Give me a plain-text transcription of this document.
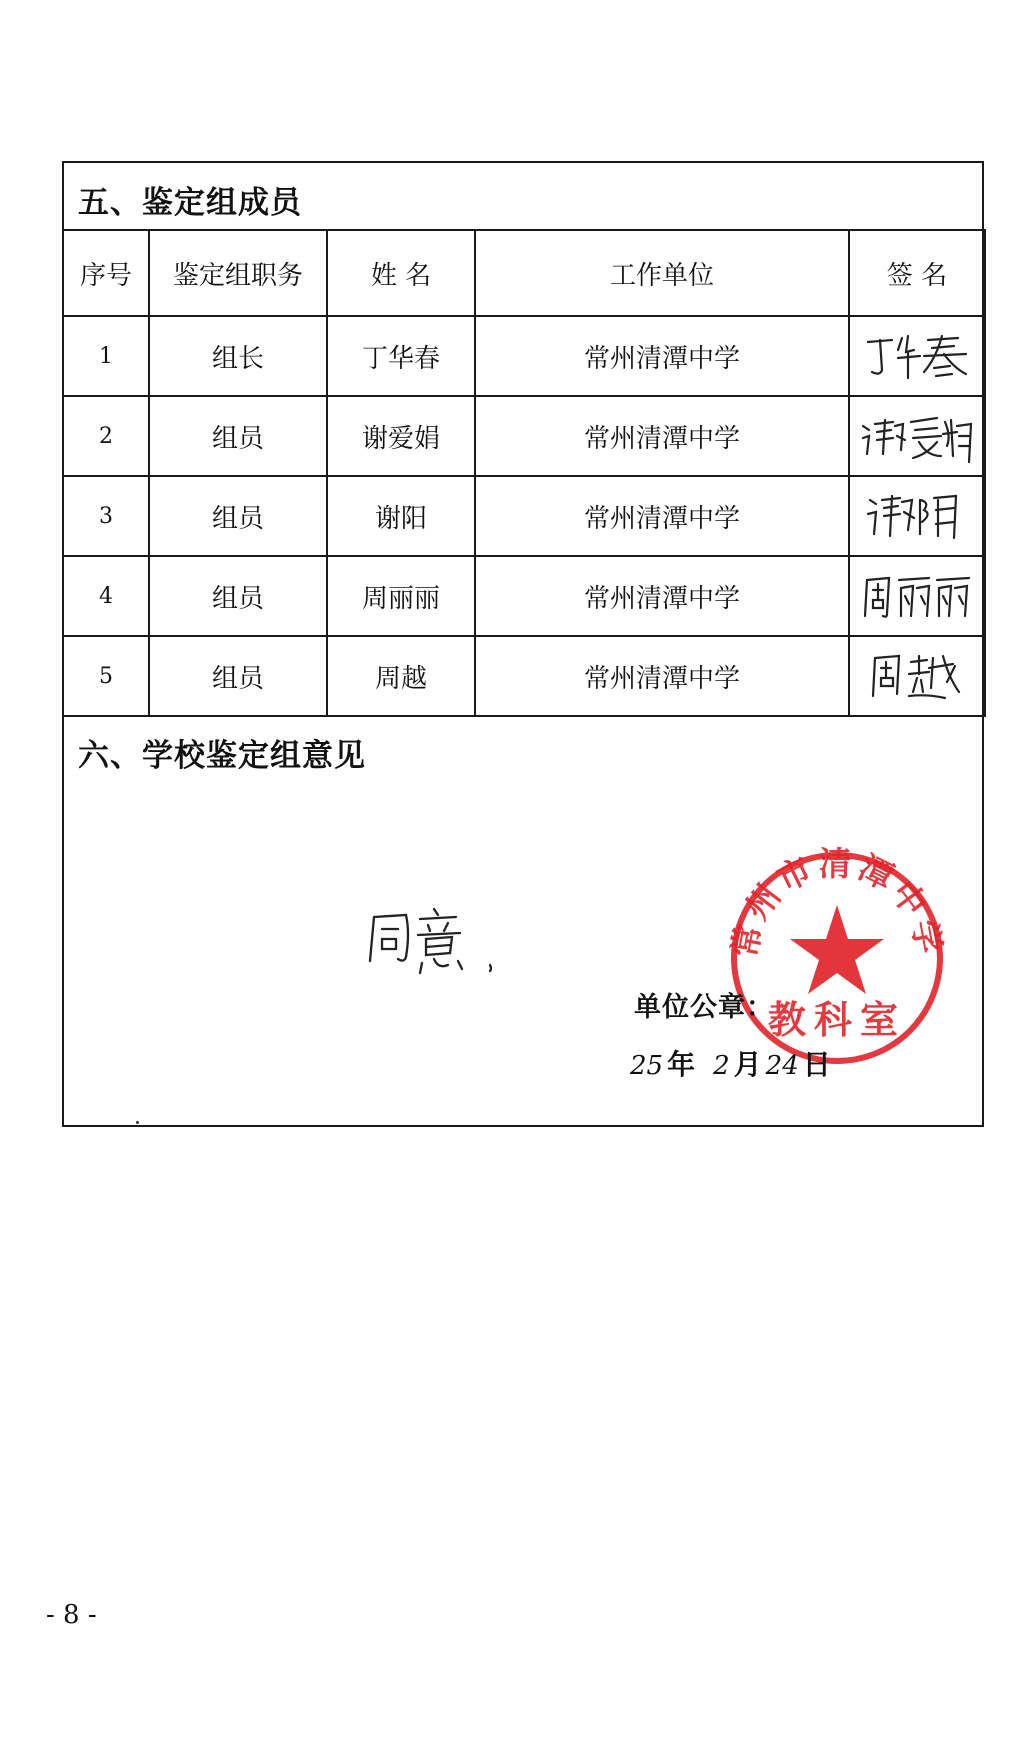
五、鉴定组成员
序号	鉴定组职务	姓 名	工作单位	签 名
1	组长	丁华春	常州清潭中学	

2	组员	谢爱娟	常州清潭中学	

3	组员	谢阳	常州清潭中学	

4	组员	周丽丽	常州清潭中学	

5	组员	周越	常州清潭中学	
六、学校鉴定组意见
常州市清潭中学
教科室
单位公章：
25 年 2 月 24 日
- 8 -
